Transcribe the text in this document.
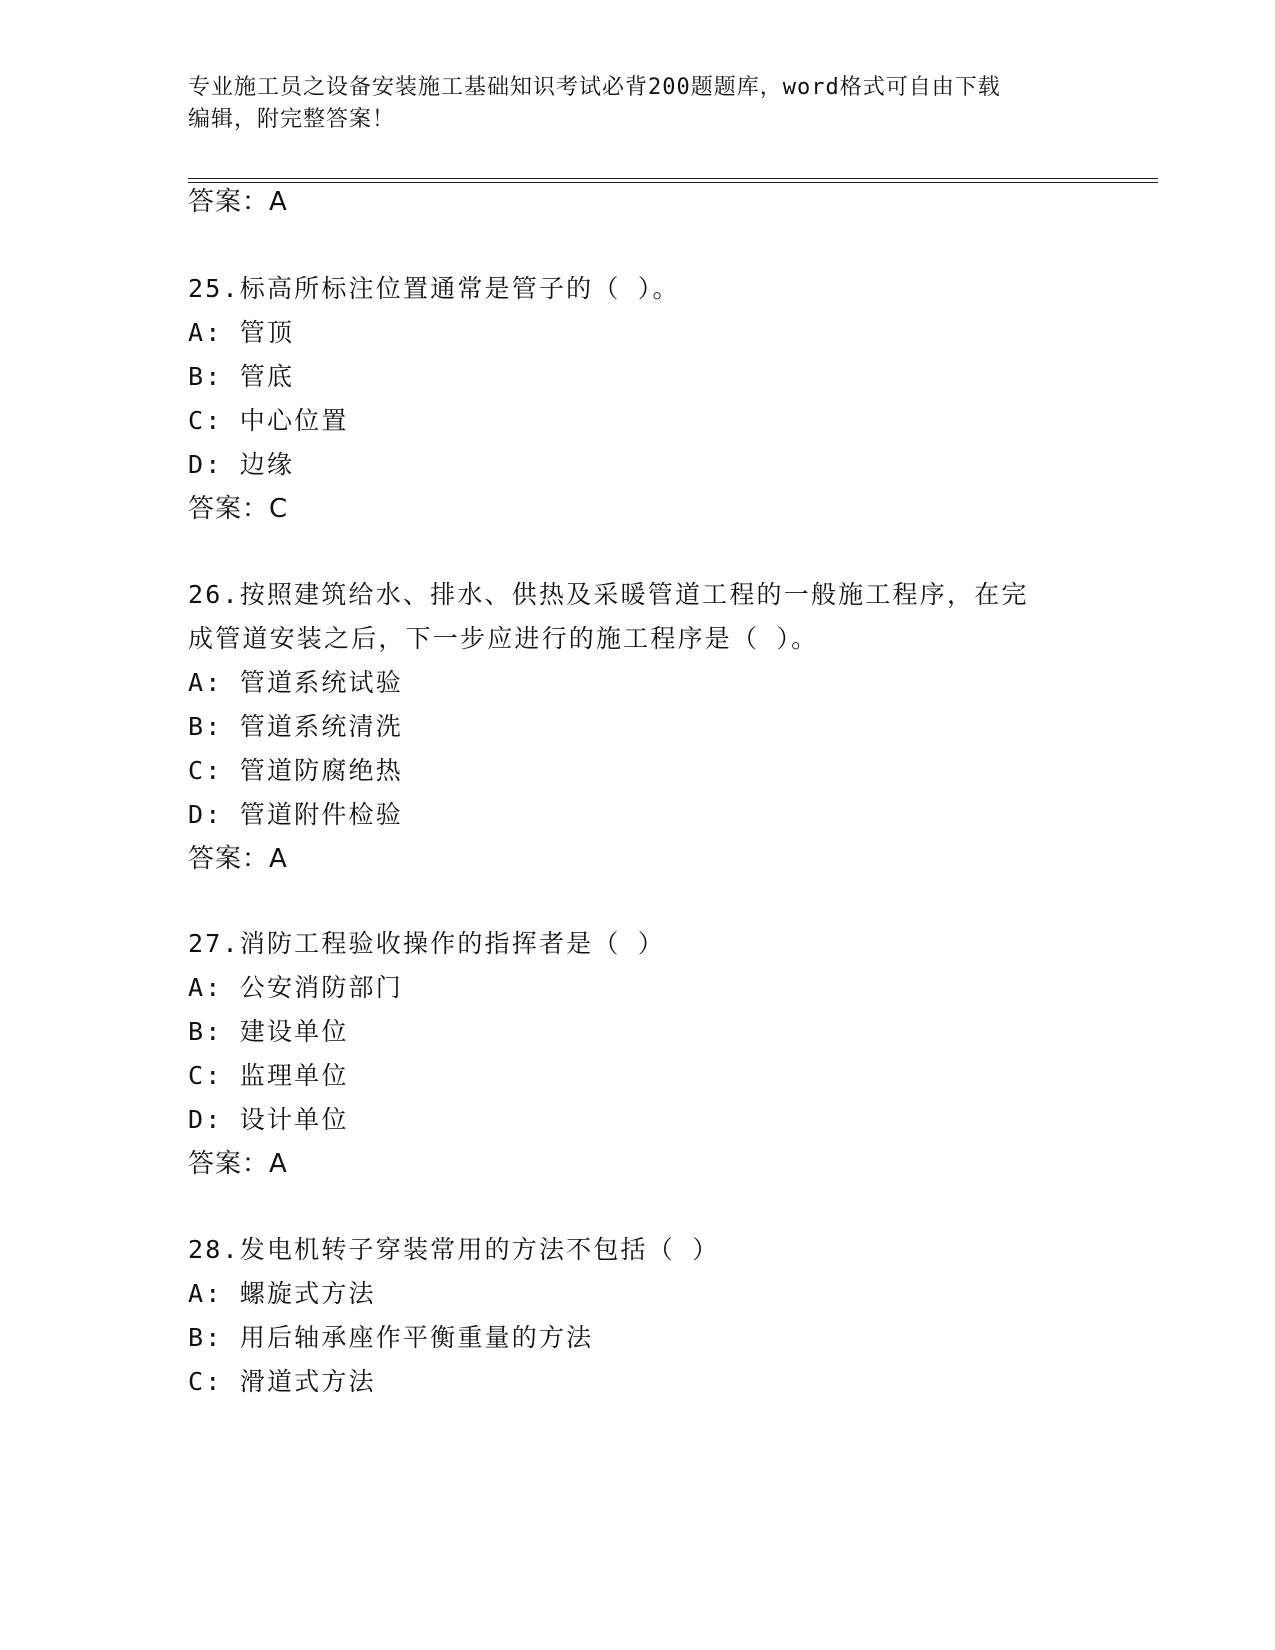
专业施工员之设备安装施工基础知识考试必背200题题库，word格式可自由下载
编辑，附完整答案！
答案：A
25.标高所标注位置通常是管子的（ ）。
A: 管顶
B: 管底
C: 中心位置
D: 边缘
答案：C
26.按照建筑给水、排水、供热及采暖管道工程的一般施工程序，在完
成管道安装之后，下一步应进行的施工程序是（ ）。
A: 管道系统试验
B: 管道系统清洗
C: 管道防腐绝热
D: 管道附件检验
答案：A
27.消防工程验收操作的指挥者是（ ）
A: 公安消防部门
B: 建设单位
C: 监理单位
D: 设计单位
答案：A
28.发电机转子穿装常用的方法不包括（ ）
A: 螺旋式方法
B: 用后轴承座作平衡重量的方法
C: 滑道式方法
